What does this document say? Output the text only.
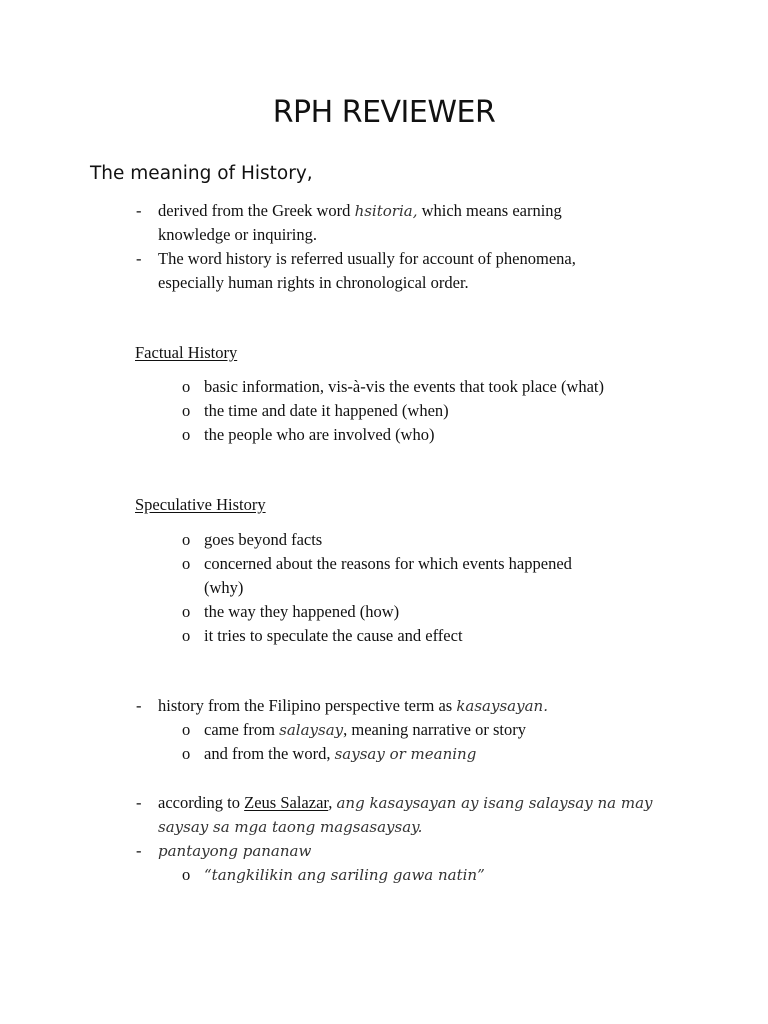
RPH REVIEWER
The meaning of History,
- derived from the Greek word hsitoria, which means earning
knowledge or inquiring.
- The word history is referred usually for account of phenomena,
especially human rights in chronological order.
Factual History
o basic information, vis-à-vis the events that took place (what)
o the time and date it happened (when)
o the people who are involved (who)
Speculative History
o goes beyond facts
o concerned about the reasons for which events happened
(why)
o the way they happened (how)
o it tries to speculate the cause and effect
- history from the Filipino perspective term as kasaysayan.
o came from salaysay, meaning narrative or story
o and from the word, saysay or meaning
- according to Zeus Salazar, ang kasaysayan ay isang salaysay na may
saysay sa mga taong magsasaysay.
- pantayong pananaw
o “tangkilikin ang sariling gawa natin”
